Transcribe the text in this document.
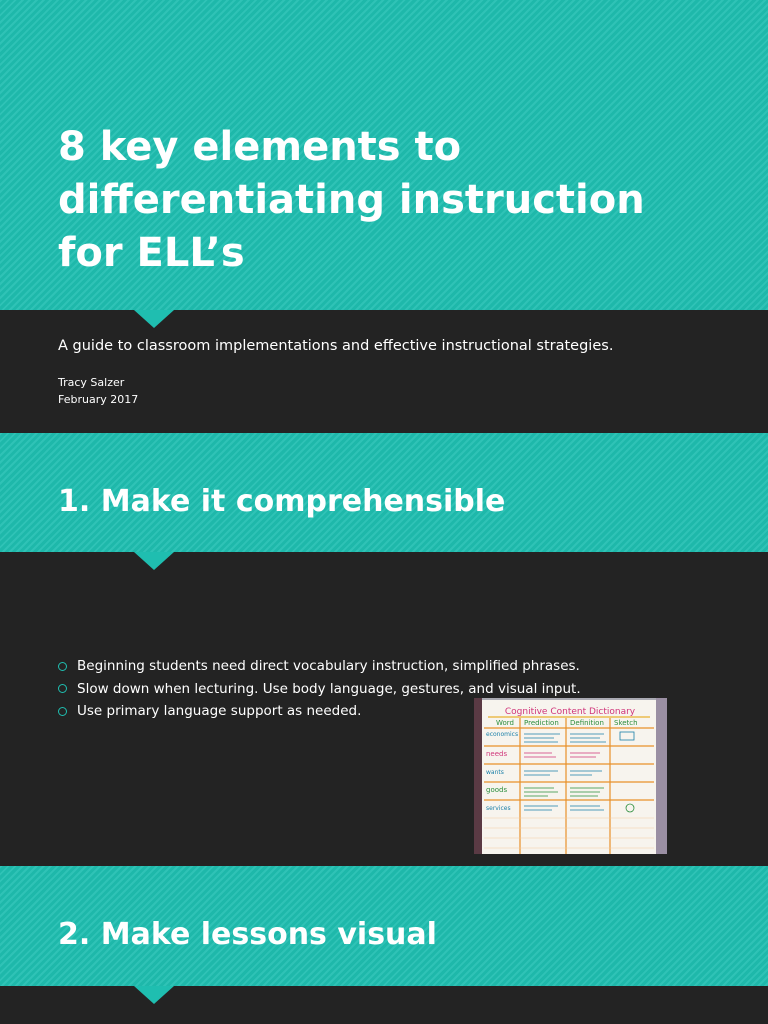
8 key elements to
differentiating instruction
for ELL’s
A guide to classroom implementations and effective instructional strategies.
Tracy Salzer
February 2017
1. Make it comprehensible
Beginning students need direct vocabulary instruction, simplified phrases.
Slow down when lecturing. Use body language, gestures, and visual input.
Use primary language support as needed.	Cognitive Content Dictionary
Word Prediction Definition Sketch
economics
needs
wants
goods
services
2. Make lessons visual
